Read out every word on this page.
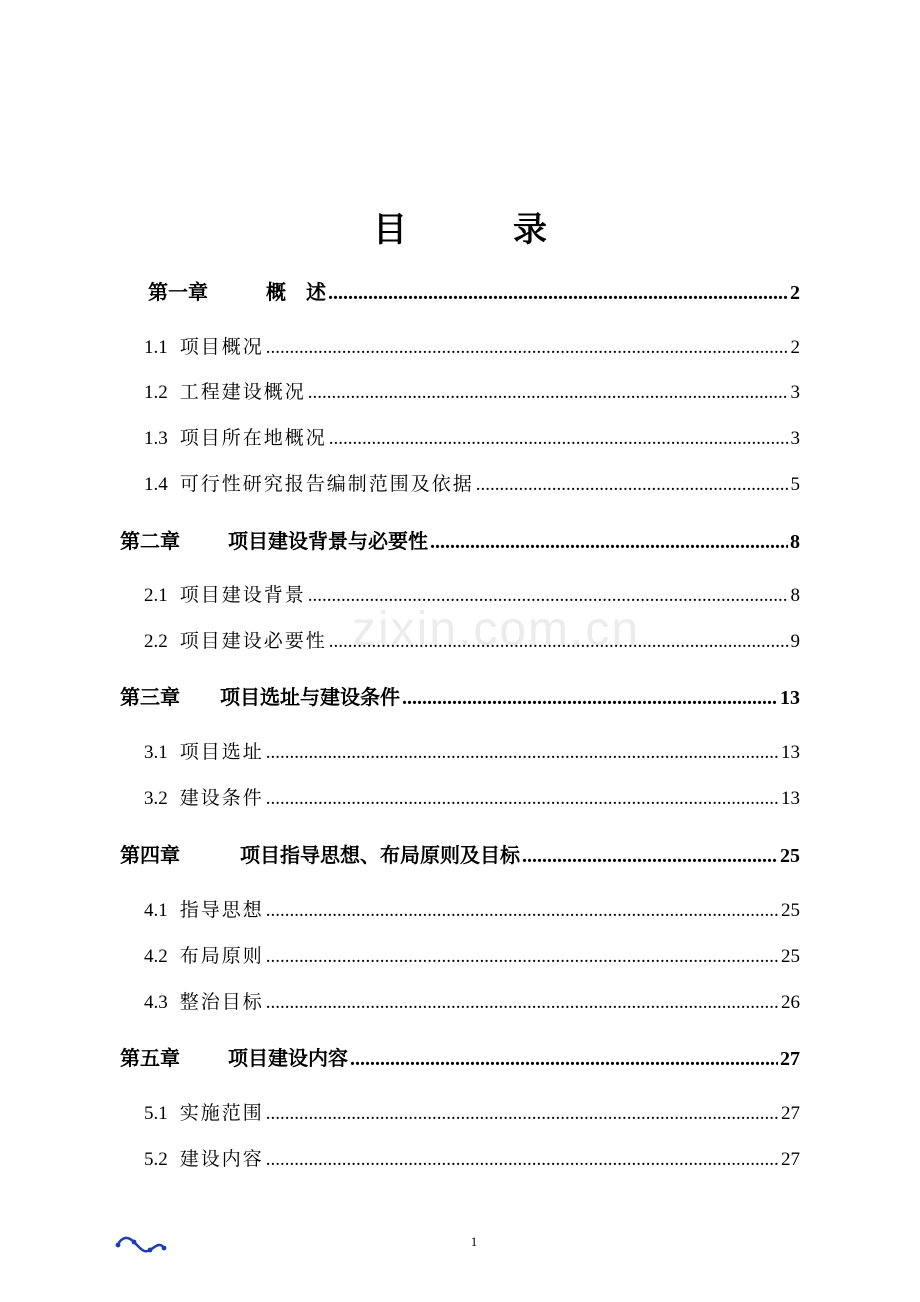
目　录
第一章	概　述 .....	2
1.1 项目概况 .....	2
1.2 工程建设概况 .....	3
1.3 项目所在地概况 .....	3
1.4 可行性研究报告编制范围及依据 .....	5
第二章 项目建设背景与必要性 .....	8
2.1 项目建设背景 .....	8
2.2 项目建设必要性 .....	9
第三章 项目选址与建设条件 .....	13
3.1 项目选址 .....	13
3.2 建设条件 .....	13
第四章	项目指导思想、布局原则及目标 .....	25
4.1 指导思想 .....	25
4.2 布局原则 .....	25
4.3 整治目标 .....	26
第五章 项目建设内容 .....	27
5.1 实施范围 .....	27
5.2 建设内容 .....	27
zixin.com.cn
1
